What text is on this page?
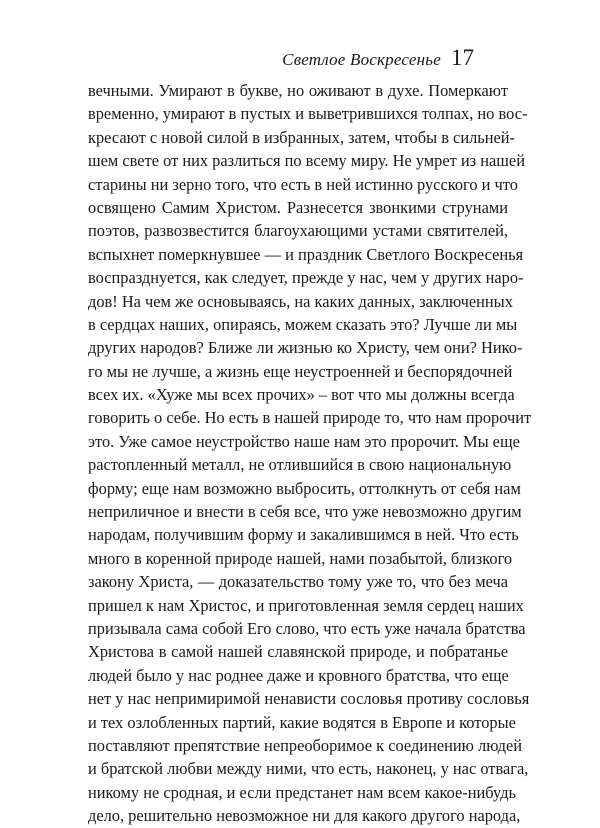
Светлое Воскресенье 17
вечными. Умирают в букве, но оживают в духе. Померкают
временно, умирают в пустых и выветрившихся толпах, но вос-
кресают с новой силой в избранных, затем, чтобы в сильней-
шем свете от них разлиться по всему миру. Не умрет из нашей
старины ни зерно того, что есть в ней истинно русского и что
освящено Самим Христом. Разнесется звонкими струнами
поэтов, развозвестится благоухающими устами святителей,
вспыхнет померкнувшее — и праздник Светлого Воскресенья
воспразднуется, как следует, прежде у нас, чем у других наро-
дов! На чем же основываясь, на каких данных, заключенных
в сердцах наших, опираясь, можем сказать это? Лучше ли мы
других народов? Ближе ли жизнью ко Христу, чем они? Нико-
го мы не лучше, а жизнь еще неустроенней и беспорядочней
всех их. «Хуже мы всех прочих» – вот что мы должны всегда
говорить о себе. Но есть в нашей природе то, что нам пророчит
это. Уже самое неустройство наше нам это пророчит. Мы еще
растопленный металл, не отлившийся в свою национальную
форму; еще нам возможно выбросить, оттолкнуть от себя нам
неприличное и внести в себя все, что уже невозможно другим
народам, получившим форму и закалившимся в ней. Что есть
много в коренной природе нашей, нами позабытой, близкого
закону Христа, — доказательство тому уже то, что без меча
пришел к нам Христос, и приготовленная земля сердец наших
призывала сама собой Его слово, что есть уже начала братства
Христова в самой нашей славянской природе, и побратанье
людей было у нас роднее даже и кровного братства, что еще
нет у нас непримиримой ненависти сословья противу сословья
и тех озлобленных партий, какие водятся в Европе и которые
поставляют препятствие непреоборимое к соединению людей
и братской любви между ними, что есть, наконец, у нас отвага,
никому не сродная, и если предстанет нам всем какое-нибудь
дело, решительно невозможное ни для какого другого народа,
